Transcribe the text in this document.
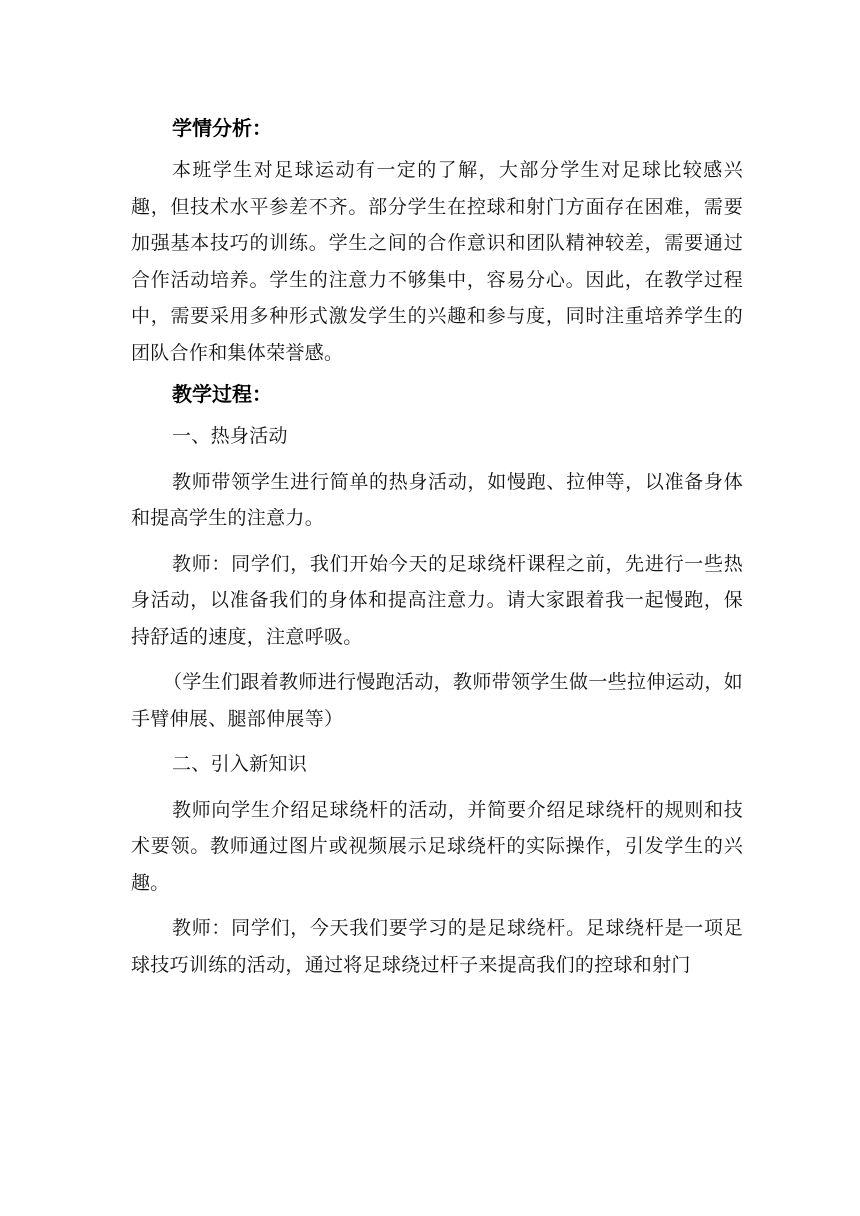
学情分析：

本班学生对足球运动有一定的了解，大部分学生对足球比较感兴趣，但技术水平参差不齐。部分学生在控球和射门方面存在困难，需要加强基本技巧的训练。学生之间的合作意识和团队精神较差，需要通过合作活动培养。学生的注意力不够集中，容易分心。因此，在教学过程中，需要采用多种形式激发学生的兴趣和参与度，同时注重培养学生的团队合作和集体荣誉感。

教学过程：

一、热身活动

教师带领学生进行简单的热身活动，如慢跑、拉伸等，以准备身体和提高学生的注意力。

教师：同学们，我们开始今天的足球绕杆课程之前，先进行一些热身活动，以准备我们的身体和提高注意力。请大家跟着我一起慢跑，保持舒适的速度，注意呼吸。

（学生们跟着教师进行慢跑活动，教师带领学生做一些拉伸运动，如手臂伸展、腿部伸展等）

二、引入新知识

教师向学生介绍足球绕杆的活动，并简要介绍足球绕杆的规则和技术要领。教师通过图片或视频展示足球绕杆的实际操作，引发学生的兴趣。

教师：同学们，今天我们要学习的是足球绕杆。足球绕杆是一项足球技巧训练的活动，通过将足球绕过杆子来提高我们的控球和射门
